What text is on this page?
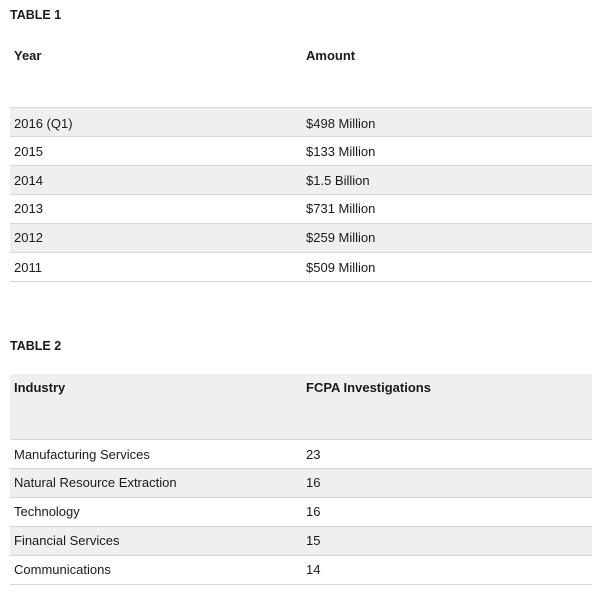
TABLE 1
Year	Amount
2016 (Q1)	$498 Million
2015	$133 Million
2014	$1.5 Billion
2013	$731 Million
2012	$259 Million
2011	$509 Million
TABLE 2
Industry	FCPA Investigations
Manufacturing Services	23
Natural Resource Extraction	16
Technology	16
Financial Services	15
Communications	14
